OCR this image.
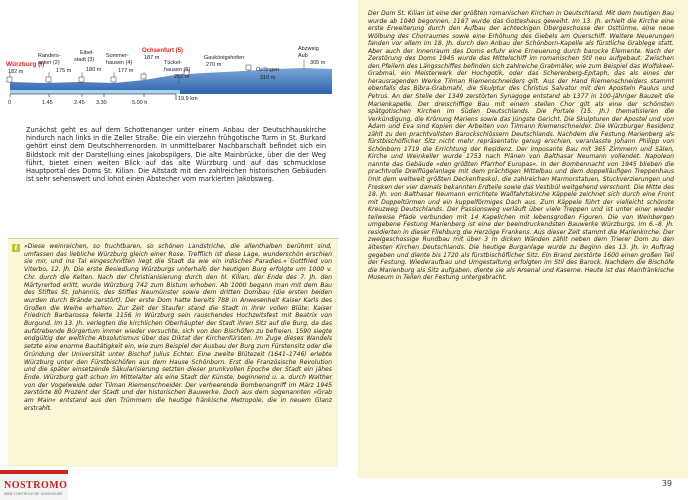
Würzburg (I)
182 m
Randers-
acker (2)
175 m
Eibel-
stadt (3)
180 m
Sommer-
hausen (4)
177 m
Ochsenfurt (5)
187 m
Tückel-
hausen (6)
252 m
Gaukönigshofen
270 m
Oellingen
310 m
Abzweig
Aub
305 m
0	1.45	2.45 3.30	5.00 h
19.9 km
Zunächst geht es auf dem Schottenanger unter einem Anbau der Deutschhauskirche hindurch nach links in die Zeller Straße. Die ein vierzehn frühgotische Turm in St. Burkard gehört einst dem Deutschherrenorden. In unmittelbarer Nachbarschaft befindet sich ein Bildstock mit der Darstellung eines Jakobspilgers. Die alte Mainbrücke, über die der Weg führt, bietet einen weiten Blick auf das alte Würzburg und auf das schmucklose Hauptportal des Doms St. Kilian. Die Altstadt mit den zahlreichen historischen Gebäuden ist sehr sehenswert und lohnt einen Abstecher vom markierten Jakobsweg.
i	»Diese weinreichen, so fruchtbaren, so schönen Landstriche, die allenthalben berühmt sind, umfassen das liebliche Würzburg gleich einer Rose. Trefflich ist diese Lage, wunderschön erschien sie mir, und ins Tal eingeschnitten liegt die Stadt da wie ein irdisches Paradies.« Gottfried von Viterbo, 12. Jh. Die erste Besiedlung Würzburgs unterhalb der heutigen Burg erfolgte um 1000 v. Chr. durch die Kelten. Nach der Christianisierung durch den hl. Kilian, der Ende des 7. Jh. den Märtyrertod erlitt, wurde Würzburg 742 zum Bistum erhoben. Ab 1000 begann man mit dem Bau des Stiftes St. Johannis, des Stiftes Neumünster sowie dem dritten Dombau (die ersten beiden wurden durch Brände zerstört). Der erste Dom hatte bereits 788 in Anwesenheit Kaiser Karls des Großen die Weihe erhalten. Zur Zeit der Staufer stand die Stadt in ihrer vollen Blüte: Kaiser Friedrich Barbarossa feierte 1156 in Würzburg sein rauschendes Hochzeitsfest mit Beatrix von Burgund. Im 13. Jh. verlegten die kirchlichen Oberhäupter der Stadt ihren Sitz auf die Burg, da das aufstrebende Bürgertum immer wieder versuchte, sich von den Bischöfen zu befreien. 1590 siegte endgültig der weltliche Absolutismus über das Diktat der Kirchenfürsten. Im Zuge dieses Wandels setzte eine enorme Bautätigkeit ein, wie zum Beispiel der Ausbau der Burg zum Fürstensitz oder die Gründung der Universität unter Bischof Julius Echter. Eine zweite Blütezeit (1641–1746) erlebte Würzburg unter den Fürstbischöfen aus dem Hause Schönborn. Erst die Französische Revolution und die später einsetzende Säkularisierung setzten dieser prunkvollen Epoche der Stadt ein jähes Ende. Würzburg galt schon im Mittelalter als eine Stadt der Künste, beginnend u. a. durch Walther von der Vogelweide oder Tilman Riemenschneider. Der verheerende Bombenangriff im März 1945 zerstörte 80 Prozent der Stadt und der historischen Bauwerke. Doch aus dem sogenannten »Grab am Main« entstand aus den Trümmern die heutige fränkische Metropole, die in neuem Glanz erstrahlt.
Der Dom St. Kilian ist eine der größten romanischen Kirchen in Deutschland. Mit dem heutigen Bau wurde ab 1040 begonnen, 1187 wurde das Gotteshaus geweiht. Im 13. Jh. erhielt die Kirche eine erste Erweiterung durch den Aufbau der achteckigen Obergeschosse der Osttürme, eine neue Wölbung des Chorraumes sowie eine Erhöhung des Giebels am Querschiff. Weitere Neuerungen fanden vor allem im 18. Jh. durch den Anbau der Schönborn-Kapelle als fürstliche Grablege statt. Aber auch der Innenraum des Doms erfuhr eine Erneuerung durch barocke Elemente. Nach der Zerstörung des Doms 1945 wurde das Mittelschiff im romanischen Stil neu aufgebaut. Zwischen den Pfeilern des Längsschiffes befinden sich zahlreiche Grabmäler, wie zum Beispiel das Wolfskeel-Grabmal, ein Meisterwerk der Hochgotik, oder das Scherenberg-Epitaph, das als eines der herausragenden Werke Tilman Riemenschneiders gilt. Aus der Hand Riemenschneiders stammt ebenfalls das Bibra-Grabmahl, die Skulptur des Christus Salvator mit den Aposteln Paulus und Petrus. An der Stelle der 1349 zerstörten Synagoge entstand ab 1377 in 100-jähriger Bauzeit die Marienkapelle. Der dreischiffige Bau mit einem steilen Chor gilt als eine der schönsten spätgotischen Kirchen im Süden Deutschlands. Die Portale (15. Jh.) thematisieren die Verkündigung, die Krönung Mariens sowie das Jüngste Gericht. Die Skulpturen der Apostel und von Adam und Eva sind Kopien der Arbeiten von Tilmann Riemenschneider. Die Würzburger Residenz zählt zu den prachtvollsten Barockschlössern Deutschlands. Nachdem die Festung Marienberg als fürstbischöflicher Sitz nicht mehr repräsentativ genug erschien, veranlasste Johann Philipp von Schönborn 1719 die Errichtung der Residenz. Der imposante Bau mit 365 Zimmern und Sälen, Kirche und Weinkeller wurde 1753 nach Plänen von Balthasar Neumann vollendet. Napoleon nannte das Gebäude »den größten Pfarrhof Europas«. In der Bombennacht von 1945 blieben die prachtvolle Dreiflügelanlage mit dem prächtigen Mittelbau und dem doppelläufigen Treppenhaus (mit dem weltweit größten Deckenfresko), die zahlreichen Marmorstatuen, Stuckverzierungen und Fresken der vier damals bekannten Erdteile sowie das Vestibül weitgehend verschont. Die Mitte des 18. Jh. von Balthasar Neumann errichtete Wallfahrtskirche Käppele zeichnet sich durch eine Front mit Doppeltürmen und ein kuppelförmiges Dach aus. Zum Käppele führt der vielleicht schönste Kreuzweg Deutschlands. Der Passionsweg verläuft über viele Treppen und ist unter einer wieder teilweise Pfade verbunden mit 14 Kapellchen mit lebensgroßen Figuren. Die von Weinbergen umgebene Festung Marienberg ist eine der beeindruckendsten Bauwerke Würzburgs. Im 6.–8. Jh. residierten in dieser Fliehburg die Herzöge Frankens. Aus dieser Zeit stammt die Marienkirche. Der zweigeschossige Rundbau mit über 3 m dicken Wänden zählt neben dem Trierer Dom zu den ältesten Kirchen Deutschlands. Die heutige Burganlage wurde zu Beginn des 13. Jh. in Auftrag gegeben und diente bis 1720 als fürstbischöflicher Sitz. Ein Brand zerstörte 1600 einen großen Teil der Festung. Wiederaufbau und Umgestaltung erfolgten im Stil des Barock. Nachdem die Bischöfe die Marienburg als Sitz aufgaben, diente sie als Arsenal und Kaserne. Heute ist das Mainfränkische Museum in Teilen der Festung untergebracht.
39
NOSTROMO
WEB CONTROLE DE VOYAGEURS
